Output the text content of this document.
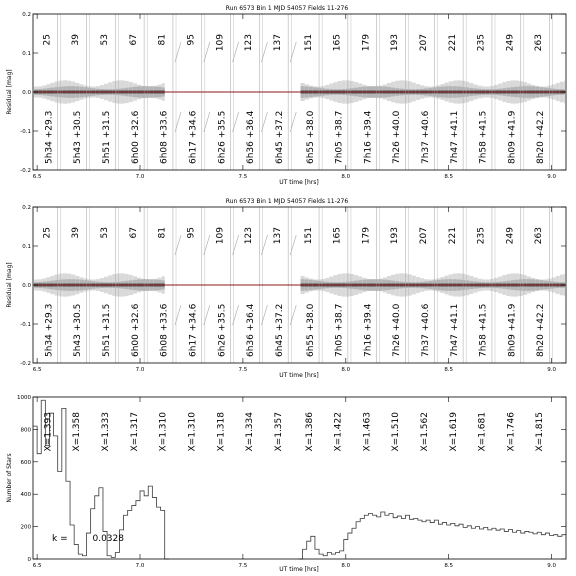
Run 6573 Bin 1 MJD 54057 Fields 11-276
25
5h34 +29.3
39
5h43 +30.5
53
5h51 +31.5
67
6h00 +32.6
81
6h08 +33.6
95
6h17 +34.6
109
6h26 +35.5
123
6h36 +36.4
137
6h45 +37.2
151
6h55 +38.0
165
7h05 +38.7
179
7h16 +39.4
193
7h26 +40.0
207
7h37 +40.6
221
7h47 +41.1
235
7h58 +41.5
249
8h09 +41.9
263
8h20 +42.2
-0.2
-0.1
0.0
0.1
0.2
6.5	7.0	7.5	8.0	8.5	9.0
Residual [mag]
UT time [hrs]
Run 6573 Bin 1 MJD 54057 Fields 11-276
25
5h34 +29.3
39
5h43 +30.5
53
5h51 +31.5
67
6h00 +32.6
81
6h08 +33.6
95
6h17 +34.6
109
6h26 +35.5
123
6h36 +36.4
137
6h45 +37.2
151
6h55 +38.0
165
7h05 +38.7
179
7h16 +39.4
193
7h26 +40.0
207
7h37 +40.6
221
7h47 +41.1
235
7h58 +41.5
249
8h09 +41.9
263
8h20 +42.2
-0.2
-0.1
0.0
0.1
0.2
6.5	7.0	7.5	8.0	8.5	9.0
Residual [mag]
UT time [hrs]
X=1.393 X=1.358 X=1.333 X=1.317 X=1.310 X=1.310 X=1.318 X=1.334 X=1.357 X=1.386 X=1.422 X=1.463 X=1.510 X=1.562 X=1.619 X=1.681 X=1.746 X=1.815
0
200
400
600
800
1000
6.5	7.0	7.5	8.0	8.5	9.0
Number of Stars
UT time [hrs]
k = 0.0328
